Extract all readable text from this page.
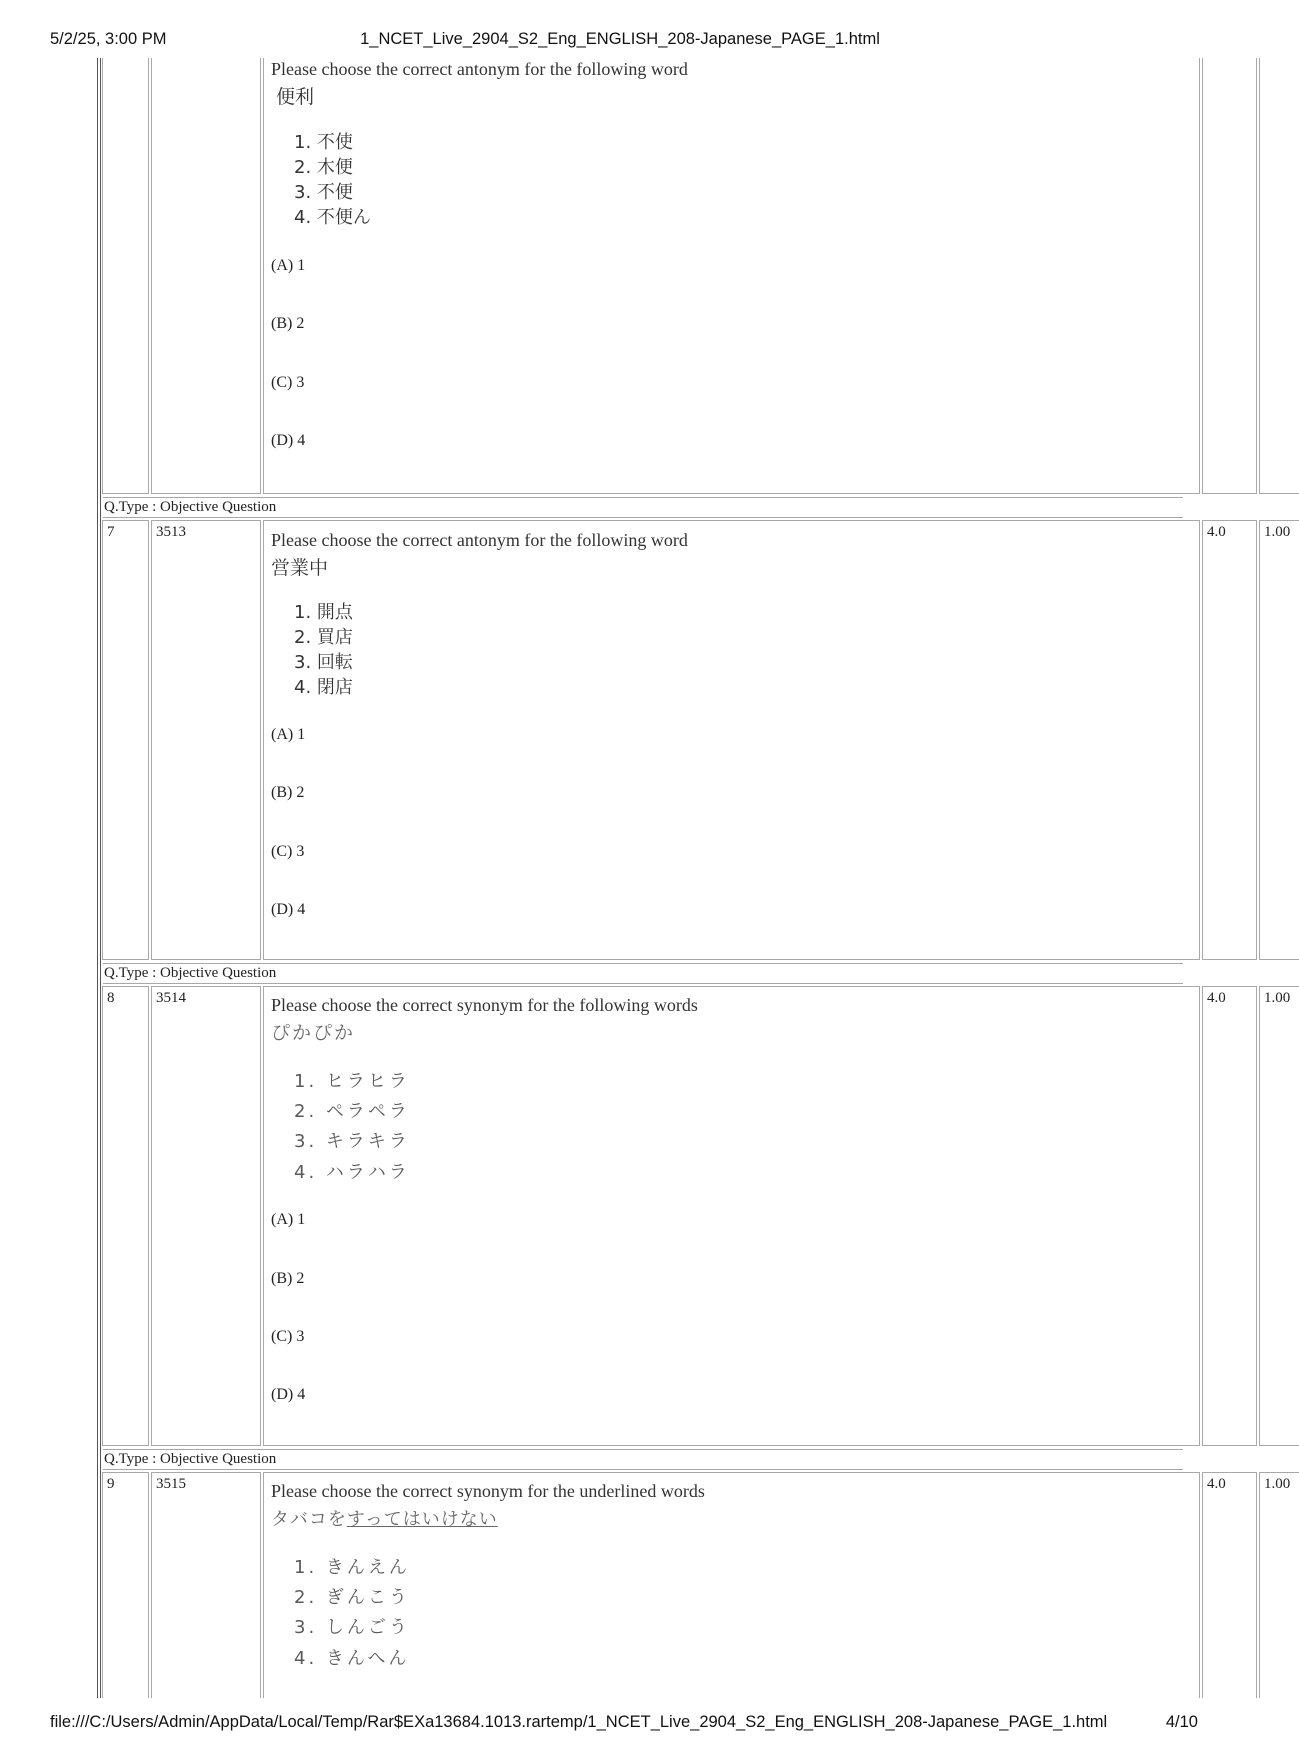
5/2/25, 3:00 PM	1_NCET_Live_2904_S2_Eng_ENGLISH_208-Japanese_PAGE_1.html
Please choose the correct antonym for the following word
便利
1. 不使
2. 木便
3. 不便
4. 不便ん
(A) 1
(B) 2
(C) 3
(D) 4
Q.Type : Objective Question
7	3513	Please choose the correct antonym for the following word
営業中
1. 開点
2. 買店
3. 回転
4. 閉店
(A) 1
(B) 2
(C) 3
(D) 4
4.0	1.00
Q.Type : Objective Question
8	3514	Please choose the correct synonym for the following words
ぴかぴか
1. ヒラヒラ
2. ペラペラ
3. キラキラ
4. ハラハラ
(A) 1
(B) 2
(C) 3
(D) 4
4.0	1.00
Q.Type : Objective Question
9	3515	Please choose the correct synonym for the underlined words
タバコをすってはいけない
1. きんえん
2. ぎんこう
3. しんごう
4. きんへん
4.0	1.00
file:///C:/Users/Admin/AppData/Local/Temp/Rar$EXa13684.1013.rartemp/1_NCET_Live_2904_S2_Eng_ENGLISH_208-Japanese_PAGE_1.html	4/10
